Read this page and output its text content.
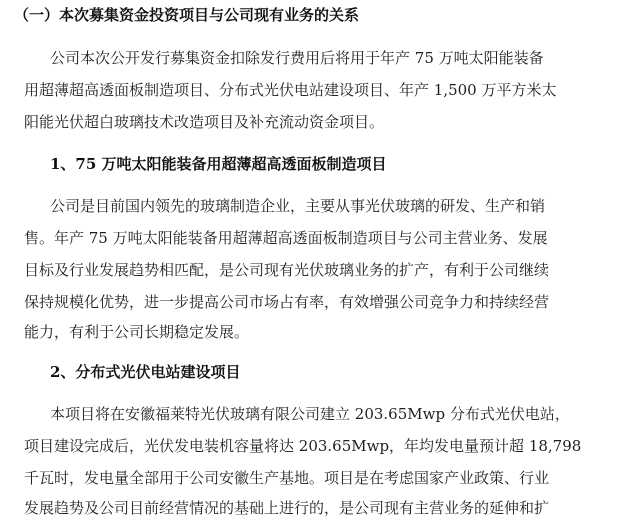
（一）本次募集资金投资项目与公司现有业务的关系
公司本次公开发行募集资金扣除发行费用后将用于年产 75 万吨太阳能装备
用超薄超高透面板制造项目、分布式光伏电站建设项目、年产 1,500 万平方米太
阳能光伏超白玻璃技术改造项目及补充流动资金项目。
1、75 万吨太阳能装备用超薄超高透面板制造项目
公司是目前国内领先的玻璃制造企业，主要从事光伏玻璃的研发、生产和销
售。年产 75 万吨太阳能装备用超薄超高透面板制造项目与公司主营业务、发展
目标及行业发展趋势相匹配，是公司现有光伏玻璃业务的扩产，有利于公司继续
保持规模化优势，进一步提高公司市场占有率，有效增强公司竞争力和持续经营
能力，有利于公司长期稳定发展。
2、分布式光伏电站建设项目
本项目将在安徽福莱特光伏玻璃有限公司建立 203.65Mwp 分布式光伏电站，
项目建设完成后，光伏发电装机容量将达 203.65Mwp，年均发电量预计超 18,798
千瓦时，发电量全部用于公司安徽生产基地。项目是在考虑国家产业政策、行业
发展趋势及公司目前经营情况的基础上进行的，是公司现有主营业务的延伸和扩
